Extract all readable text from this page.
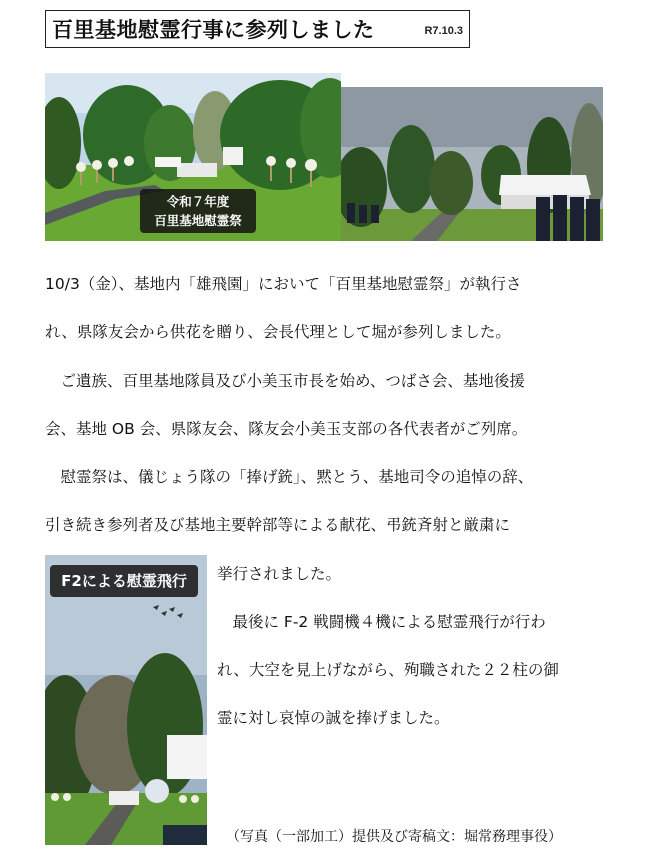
百里基地慰霊行事に参列しました	R7.10.3
令和７年度
百里基地慰霊祭
10/3（金）、基地内「雄飛園」において「百里基地慰霊祭」が執行さ
れ、県隊友会から供花を贈り、会長代理として堀が参列しました。
　ご遺族、百里基地隊員及び小美玉市長を始め、つばさ会、基地後援
会、基地 OB 会、県隊友会、隊友会小美玉支部の各代表者がご列席。
　慰霊祭は、儀じょう隊の「捧げ銃」、黙とう、基地司令の追悼の辞、
引き続き参列者及び基地主要幹部等による献花、弔銃斉射と厳粛に
挙行されました。
　最後に F-2 戦闘機４機による慰霊飛行が行わ
れ、大空を見上げながら、殉職された２２柱の御
霊に対し哀悼の誠を捧げました。
F2による慰霊飛行
（写真（一部加工）提供及び寄稿文：堀常務理事役）
